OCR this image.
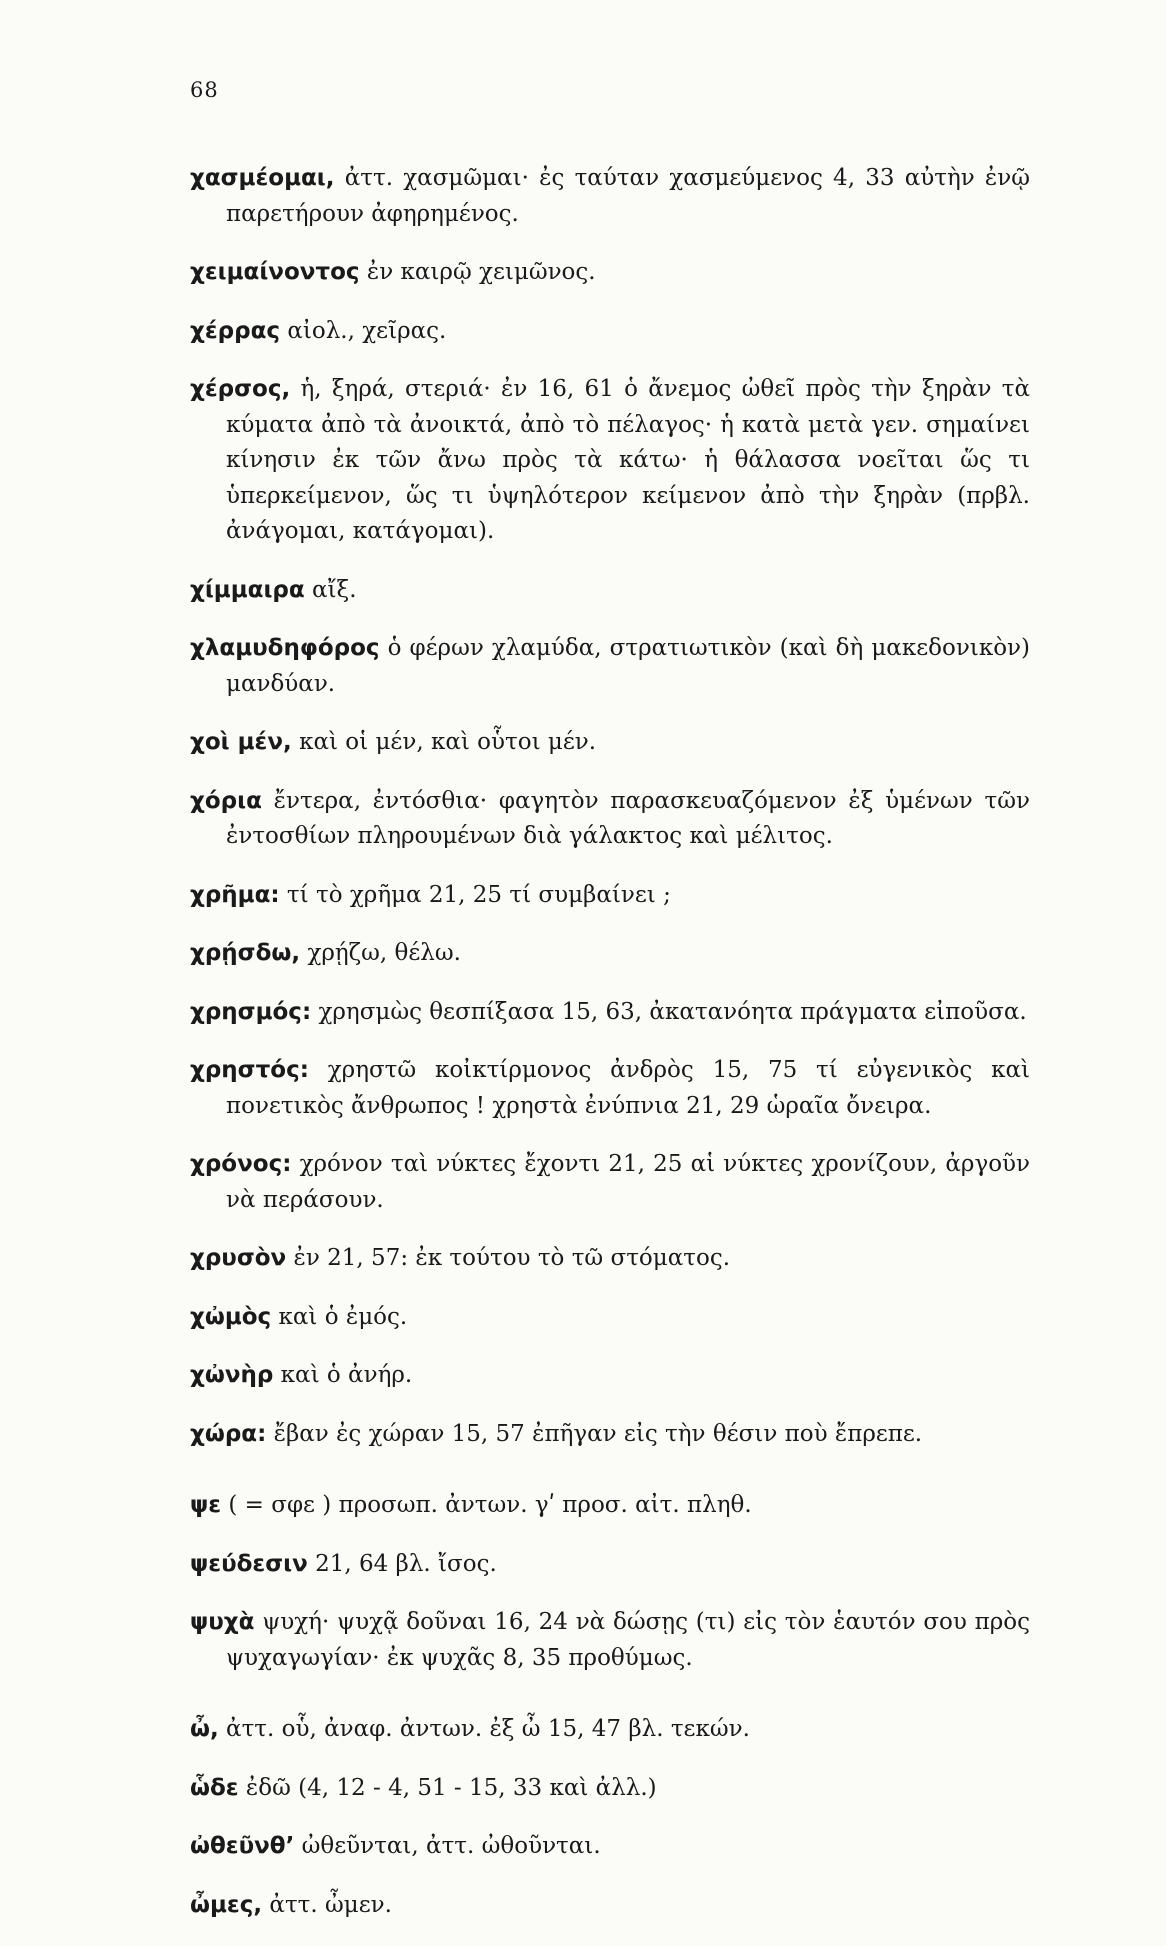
68

χασμέομαι, ἀττ. χασμῶμαι· ἐς ταύταν χασμεύμενος 4, 33 αὐτὴν ἐνῷ παρετήρουν ἀφηρημένος.

χειμαίνοντος ἐν καιρῷ χειμῶνος.

χέρρας αἰολ., χεῖρας.

χέρσος, ἡ, ξηρά, στεριά· ἐν 16, 61 ὁ ἄνεμος ὠθεῖ πρὸς τὴν ξηρὰν τὰ κύματα ἀπὸ τὰ ἀνοικτά, ἀπὸ τὸ πέλαγος· ἡ κατὰ μετὰ γεν. σημαίνει κίνησιν ἐκ τῶν ἄνω πρὸς τὰ κάτω· ἡ θάλασσα νοεῖται ὥς τι ὑπερκείμενον, ὥς τι ὑψηλότερον κείμενον ἀπὸ τὴν ξηρὰν (πρβλ. ἀνάγομαι, κατάγομαι).

χίμμαιρα αἴξ.

χλαμυδηφόρος ὁ φέρων χλαμύδα, στρατιωτικὸν (καὶ δὴ μακεδονικὸν) μανδύαν.

χοὶ μέν, καὶ οἱ μέν, καὶ οὗτοι μέν.

χόρια ἔντερα, ἐντόσθια· φαγητὸν παρασκευαζόμενον ἐξ ὑμένων τῶν ἐντοσθίων πληρουμένων διὰ γάλακτος καὶ μέλιτος.

χρῆμα: τί τὸ χρῆμα 21, 25 τί συμβαίνει ;

χρῄσδω, χρῄζω, θέλω.

χρησμός: χρησμὼς θεσπίξασα 15, 63, ἀκατανόητα πράγματα εἰποῦσα.

χρηστός: χρηστῶ κοἰκτίρμονος ἀνδρὸς 15, 75 τί εὐγενικὸς καὶ πονετικὸς ἄνθρωπος ! χρηστὰ ἐνύπνια 21, 29 ὡραῖα ὄνειρα.

χρόνος: χρόνον ταὶ νύκτες ἔχοντι 21, 25 αἱ νύκτες χρονίζουν, ἀργοῦν νὰ περάσουν.

χρυσὸν ἐν 21, 57: ἐκ τούτου τὸ τῶ στόματος.

χὠμὸς καὶ ὁ ἐμός.

χὠνὴρ καὶ ὁ ἀνήρ.

χώρα: ἔβαν ἐς χώραν 15, 57 ἐπῆγαν εἰς τὴν θέσιν ποὺ ἔπρεπε.

ψε ( = σφε ) προσωπ. ἀντων. γʹ προσ. αἰτ. πληθ.

ψεύδεσιν 21, 64 βλ. ἴσος.

ψυχὰ ψυχή· ψυχᾷ δοῦναι 16, 24 νὰ δώσῃς (τι) εἰς τὸν ἑαυτόν σου πρὸς ψυχαγωγίαν· ἐκ ψυχᾶς 8, 35 προθύμως.

ὦ, ἀττ. οὗ, ἀναφ. ἀντων. ἐξ ὦ 15, 47 βλ. τεκών.

ὧδε ἐδῶ (4, 12 - 4, 51 - 15, 33 καὶ ἀλλ.)

ὠθεῦνθ’ ὠθεῦνται, ἀττ. ὠθοῦνται.

ὦμες, ἀττ. ὦμεν.
